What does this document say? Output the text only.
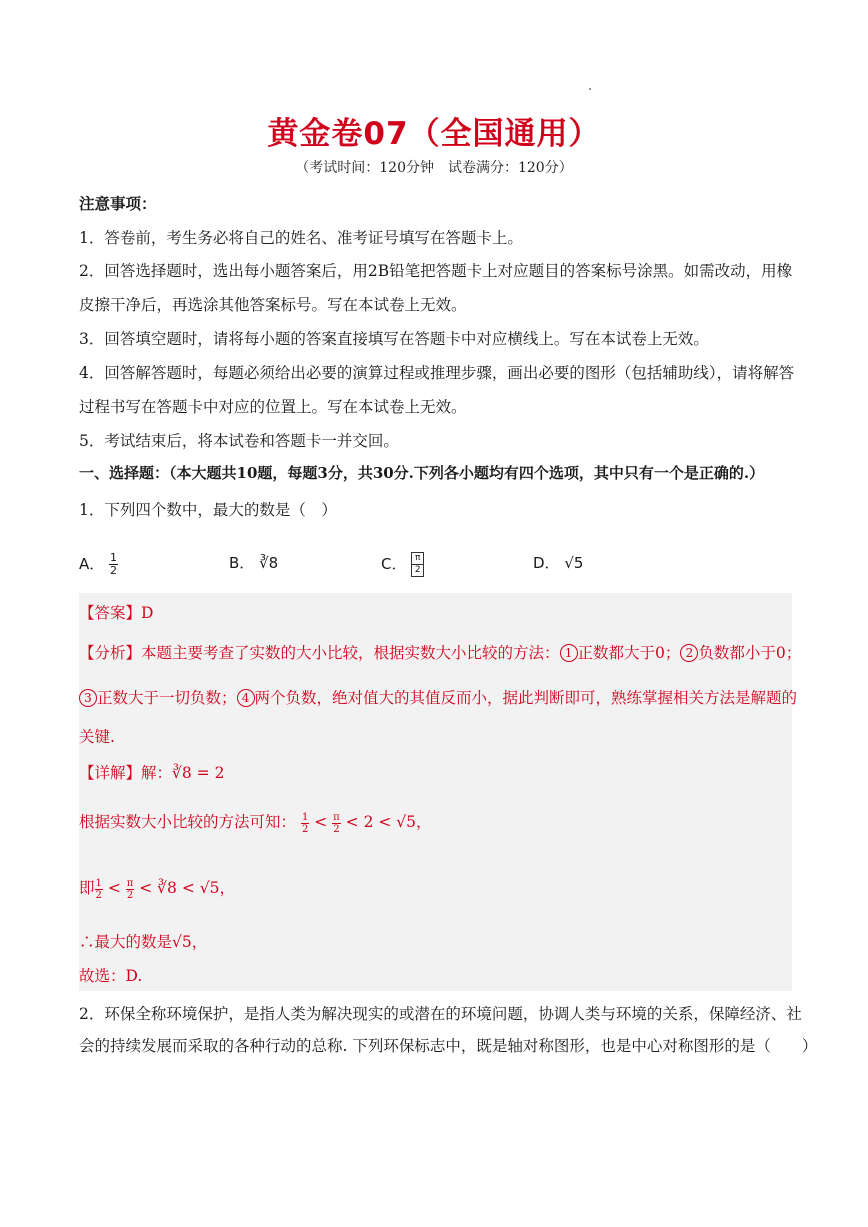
黄金卷07（全国通用）
（考试时间：120分钟　试卷满分：120分）
注意事项：
1．答卷前，考生务必将自己的姓名、准考证号填写在答题卡上。
2．回答选择题时，选出每小题答案后，用2B铅笔把答题卡上对应题目的答案标号涂黑。如需改动，用橡
皮擦干净后，再选涂其他答案标号。写在本试卷上无效。
3．回答填空题时，请将每小题的答案直接填写在答题卡中对应横线上。写在本试卷上无效。
4．回答解答题时，每题必须给出必要的演算过程或推理步骤，画出必要的图形（包括辅助线），请将解答
过程书写在答题卡中对应的位置上。写在本试卷上无效。
5．考试结束后，将本试卷和答题卡一并交回。
一、选择题：（本大题共10题，每题3分，共30分.下列各小题均有四个选项，其中只有一个是正确的.）
1．下列四个数中，最大的数是（　）
A． $\frac{1}{2}$	B． ∛8	C． $\frac{\pi}{2}$	D． √5
【答案】D
【分析】本题主要考查了实数的大小比较，根据实数大小比较的方法： 1 正数都大于0； 2 负数都小于0；
3 正数大于一切负数； 4 两个负数，绝对值大的其值反而小，据此判断即可，熟练掌握相关方法是解题的
关键.
【详解】解：∛8 = 2
根据实数大小比较的方法可知： $\frac{1}{2} < \frac{\pi}{2} < 2 < √5$，
即 $\frac{1}{2} < \frac{\pi}{2}$ < ∛8 < √5，
∴最大的数是√5，
故选：D.
2．环保全称环境保护，是指人类为解决现实的或潜在的环境问题，协调人类与环境的关系，保障经济、社
会的持续发展而采取的各种行动的总称. 下列环保标志中，既是轴对称图形，也是中心对称图形的是（　　）
